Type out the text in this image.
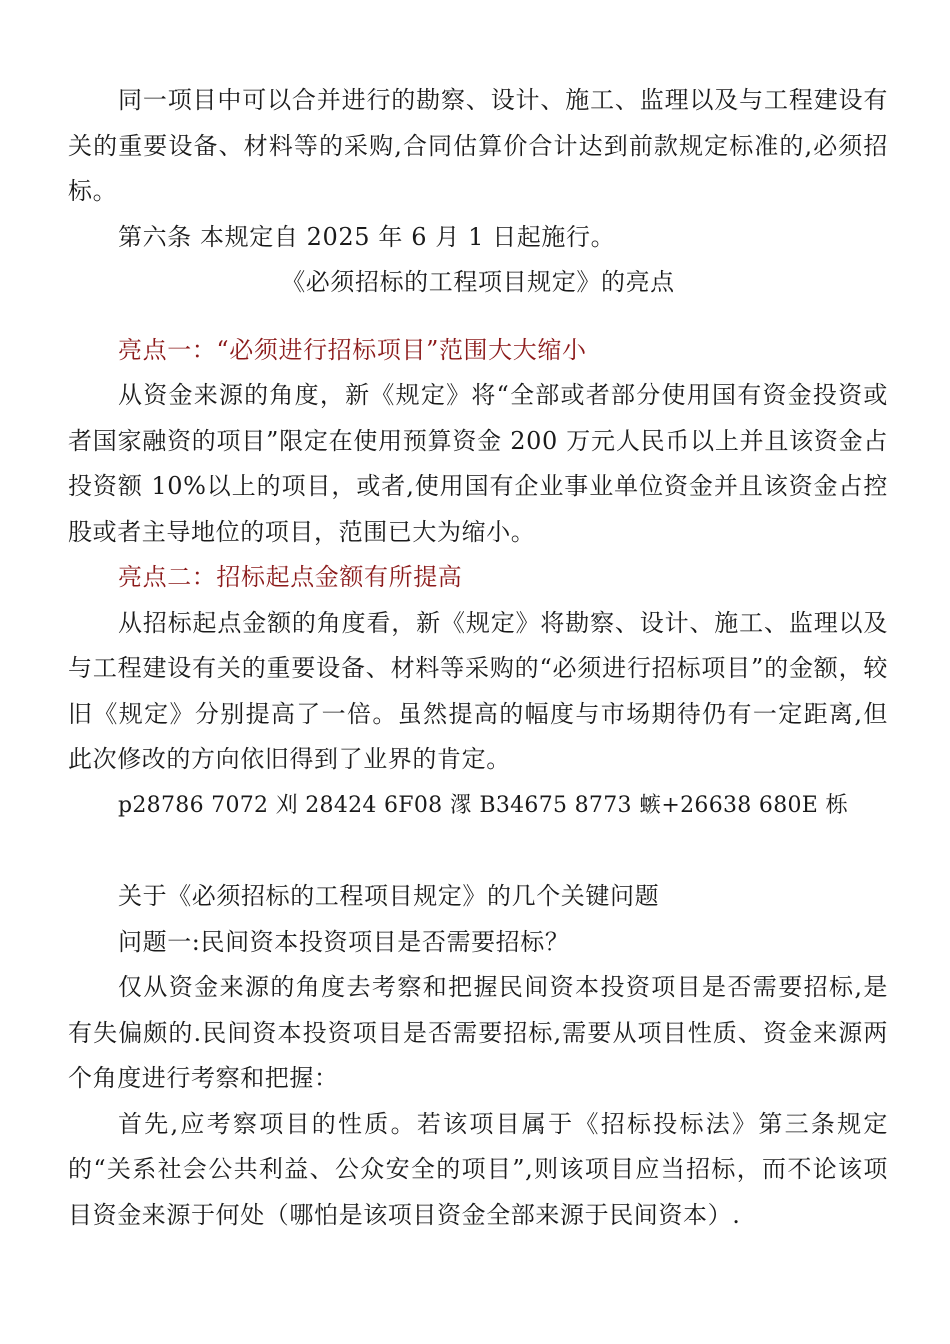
同一项目中可以合并进行的勘察、设计、施工、监理以及与工程建设有关的重要设备、材料等的采购,合同估算价合计达到前款规定标准的,必须招标。

第六条 本规定自 2025 年 6 月 1 日起施行。

《必须招标的工程项目规定》的亮点

亮点一：“必须进行招标项目”范围大大缩小

从资金来源的角度，新《规定》将“全部或者部分使用国有资金投资或者国家融资的项目”限定在使用预算资金 200 万元人民币以上并且该资金占投资额 10%以上的项目，或者,使用国有企业事业单位资金并且该资金占控股或者主导地位的项目，范围已大为缩小。

亮点二：招标起点金额有所提高

从招标起点金额的角度看，新《规定》将勘察、设计、施工、监理以及与工程建设有关的重要设备、材料等采购的“必须进行招标项目”的金额，较旧《规定》分别提高了一倍。虽然提高的幅度与市场期待仍有一定距离,但此次修改的方向依旧得到了业界的肯定。

p28786 7072 刈 28424 6F08 潈 B34675 8773 螏+26638 680E 栎

关于《必须招标的工程项目规定》的几个关键问题

问题一:民间资本投资项目是否需要招标？

仅从资金来源的角度去考察和把握民间资本投资项目是否需要招标,是有失偏颇的.民间资本投资项目是否需要招标,需要从项目性质、资金来源两个角度进行考察和把握：

首先,应考察项目的性质。若该项目属于《招标投标法》第三条规定的“关系社会公共利益、公众安全的项目”,则该项目应当招标，而不论该项目资金来源于何处（哪怕是该项目资金全部来源于民间资本）.
